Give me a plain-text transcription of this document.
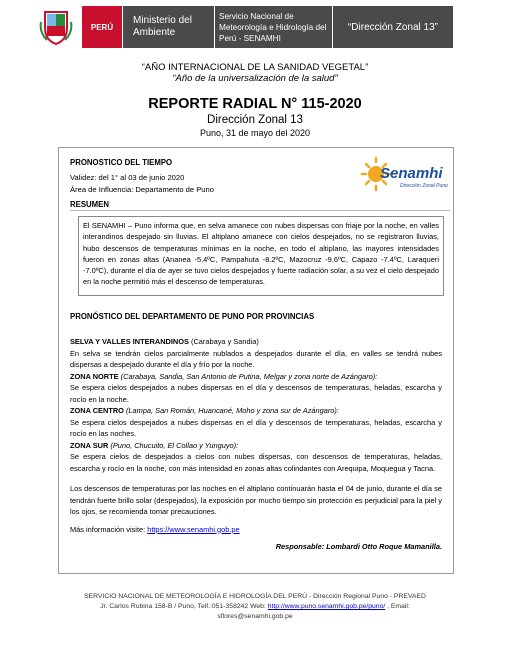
PERÚ
Ministerio del Ambiente
Servicio Nacional de Meteorología e Hidrología del Perú - SENAMHI
“Dirección Zonal 13”
“AÑO INTERNACIONAL DE LA SANIDAD VEGETAL”
“Año de la universalización de la salud”
REPORTE RADIAL N° 115-2020
Dirección Zonal 13
Puno, 31 de mayo del 2020
PRONOSTICO DEL TIEMPO
Validez: del 1° al 03 de junio 2020
Área de Influencia: Departamento de Puno
Senamhi
Dirección Zonal Puno
RESUMEN
El SENAMHI – Puno informa que, en selva amanece con nubes dispersas con friaje por la noche, en valles interandinos despejado sin lluvias. El altiplano amanece con cielos despejados, no se registraron lluvias, hubo descensos de temperaturas mínimas en la noche, en todo el altiplano, las mayores intensidades fueron en zonas altas (Ananea -5.4ºC, Pampahuta -8.2ºC, Mazocruz -9.6ºC, Capazo -7.4ºC, Laraqueri -7.0ºC), durante el día de ayer se tuvo cielos despejados y fuerte radiación solar, a su vez el cielo despejado en la noche permitió más el descenso de temperaturas.
PRONÓSTICO DEL DEPARTAMENTO DE PUNO POR PROVINCIAS
SELVA Y VALLES INTERANDINOS (Carabaya y Sandia)
En selva se tendrán cielos parcialmente nublados a despejados durante el día, en valles se tendrá nubes dispersas a despejado durante el día y frío por la noche.
ZONA NORTE (Carabaya, Sandia, San Antonio de Putina, Melgar y zona norte de Azángaro):
Se espera cielos despejados a nubes dispersas en el día y descensos de temperaturas, heladas, escarcha y rocío en la noche.
ZONA CENTRO (Lampa, San Román, Huancané, Moho y zona sur de Azángaro):
Se espera cielos despejados a nubes dispersas en el día y descensos de temperaturas, heladas, escarcha y rocío en las noches.
ZONA SUR (Puno, Chucuito, El Collao y Yunguyo):
Se espera cielos de despejados a cielos con nubes dispersas, con descensos de temperaturas, heladas, escarcha y rocío en la noche, con más intensidad en zonas altas colindantes con Arequipa, Moquegua y Tacna.
Los descensos de temperaturas por las noches en el altiplano continuarán hasta el 04 de junio, durante el día se tendrán fuerte brillo solar (despejados), la exposición por mucho tiempo sin protección es perjudicial para la piel y los ojos, se recomienda tomar precauciones.
Más información visite: https://www.senamhi.gob.pe
Responsable: Lombardi Otto Roque Mamanilla.
SERVICIO NACIONAL DE METEOROLOGÍA E HIDROLOGÍA DEL PERÚ - Dirección Regional Puno - PREVAED
Jr. Carlos Rubina 158-B / Puno, Telf.:051-358242 Web: http://www.puno.senamhi.gob.pe/puno/ , Email:
sflores@senamhi.gob.pe
